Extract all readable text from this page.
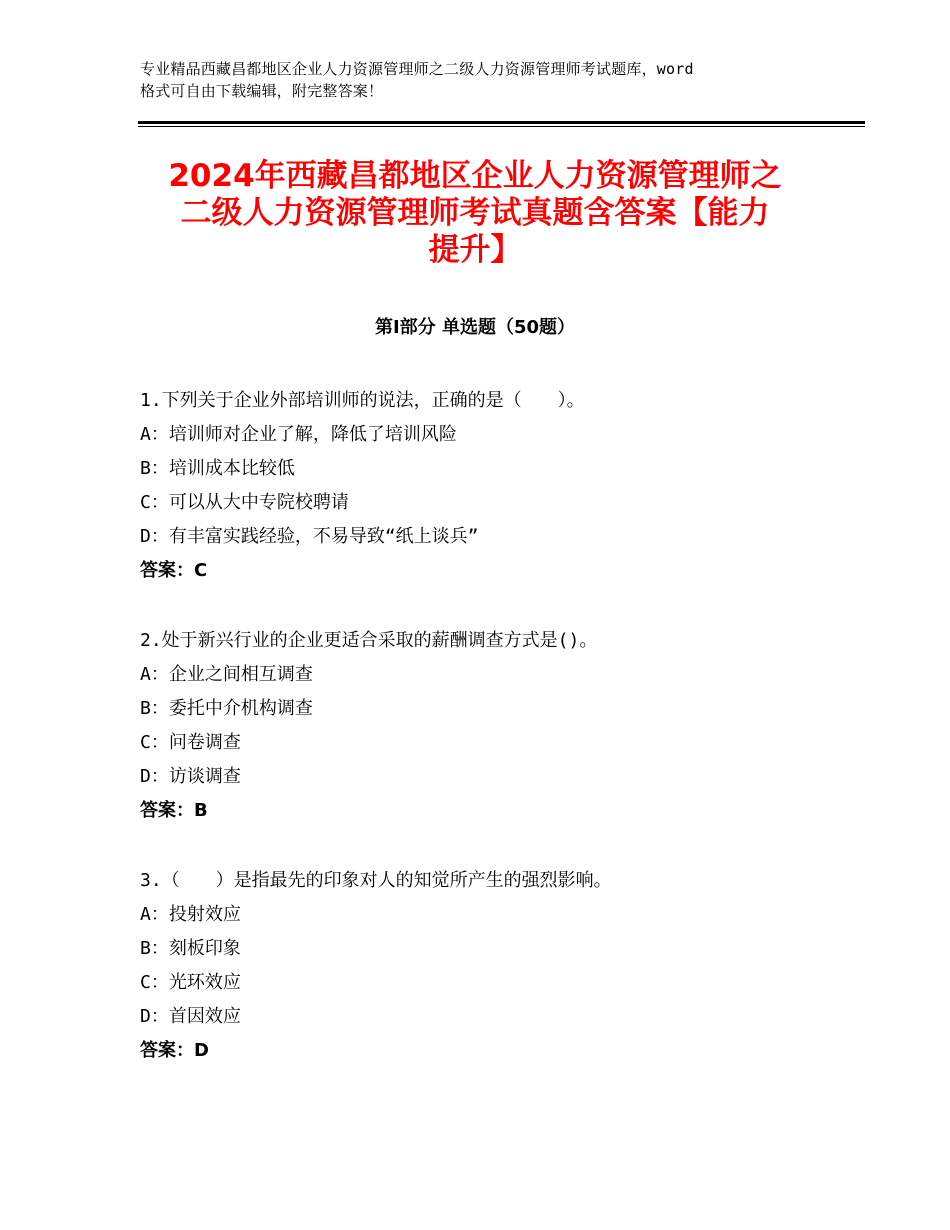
专业精品西藏昌都地区企业人力资源管理师之二级人力资源管理师考试题库，word
格式可自由下载编辑，附完整答案！
2024年西藏昌都地区企业人力资源管理师之
二级人力资源管理师考试真题含答案【能力
提升】
第Ⅰ部分 单选题（50题）
1.下列关于企业外部培训师的说法，正确的是（　　）。
A：培训师对企业了解，降低了培训风险
B：培训成本比较低
C：可以从大中专院校聘请
D：有丰富实践经验，不易导致“纸上谈兵”
答案：C
2.处于新兴行业的企业更适合采取的薪酬调查方式是()。
A：企业之间相互调查
B：委托中介机构调查
C：问卷调查
D：访谈调查
答案：B
3.（　　）是指最先的印象对人的知觉所产生的强烈影响。
A：投射效应
B：刻板印象
C：光环效应
D：首因效应
答案：D
